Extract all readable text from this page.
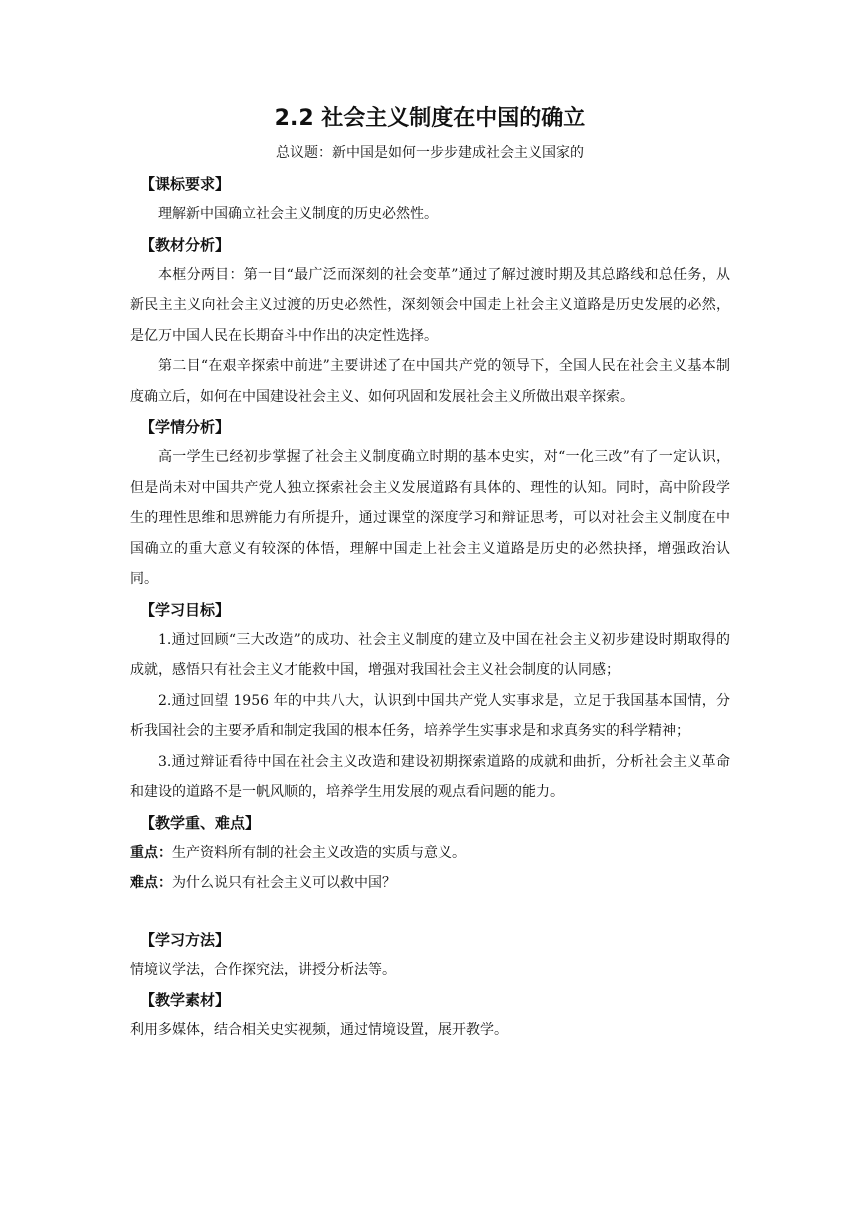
2.2 社会主义制度在中国的确立

总议题：新中国是如何一步步建成社会主义国家的

【课标要求】

理解新中国确立社会主义制度的历史必然性。

【教材分析】

本框分两目：第一目“最广泛而深刻的社会变革”通过了解过渡时期及其总路线和总任务，从新民主主义向社会主义过渡的历史必然性，深刻领会中国走上社会主义道路是历史发展的必然，是亿万中国人民在长期奋斗中作出的决定性选择。

第二目“在艰辛探索中前进”主要讲述了在中国共产党的领导下，全国人民在社会主义基本制度确立后，如何在中国建设社会主义、如何巩固和发展社会主义所做出艰辛探索。

【学情分析】

高一学生已经初步掌握了社会主义制度确立时期的基本史实，对“一化三改”有了一定认识，但是尚未对中国共产党人独立探索社会主义发展道路有具体的、理性的认知。同时，高中阶段学生的理性思维和思辨能力有所提升，通过课堂的深度学习和辩证思考，可以对社会主义制度在中国确立的重大意义有较深的体悟，理解中国走上社会主义道路是历史的必然抉择，增强政治认同。

【学习目标】

1.通过回顾“三大改造”的成功、社会主义制度的建立及中国在社会主义初步建设时期取得的成就，感悟只有社会主义才能救中国，增强对我国社会主义社会制度的认同感；

2.通过回望 1956 年的中共八大，认识到中国共产党人实事求是，立足于我国基本国情，分析我国社会的主要矛盾和制定我国的根本任务，培养学生实事求是和求真务实的科学精神；

3.通过辩证看待中国在社会主义改造和建设初期探索道路的成就和曲折，分析社会主义革命和建设的道路不是一帆风顺的，培养学生用发展的观点看问题的能力。

【教学重、难点】

重点：生产资料所有制的社会主义改造的实质与意义。

难点：为什么说只有社会主义可以救中国？

【学习方法】

情境议学法，合作探究法，讲授分析法等。

【教学素材】

利用多媒体，结合相关史实视频，通过情境设置，展开教学。
